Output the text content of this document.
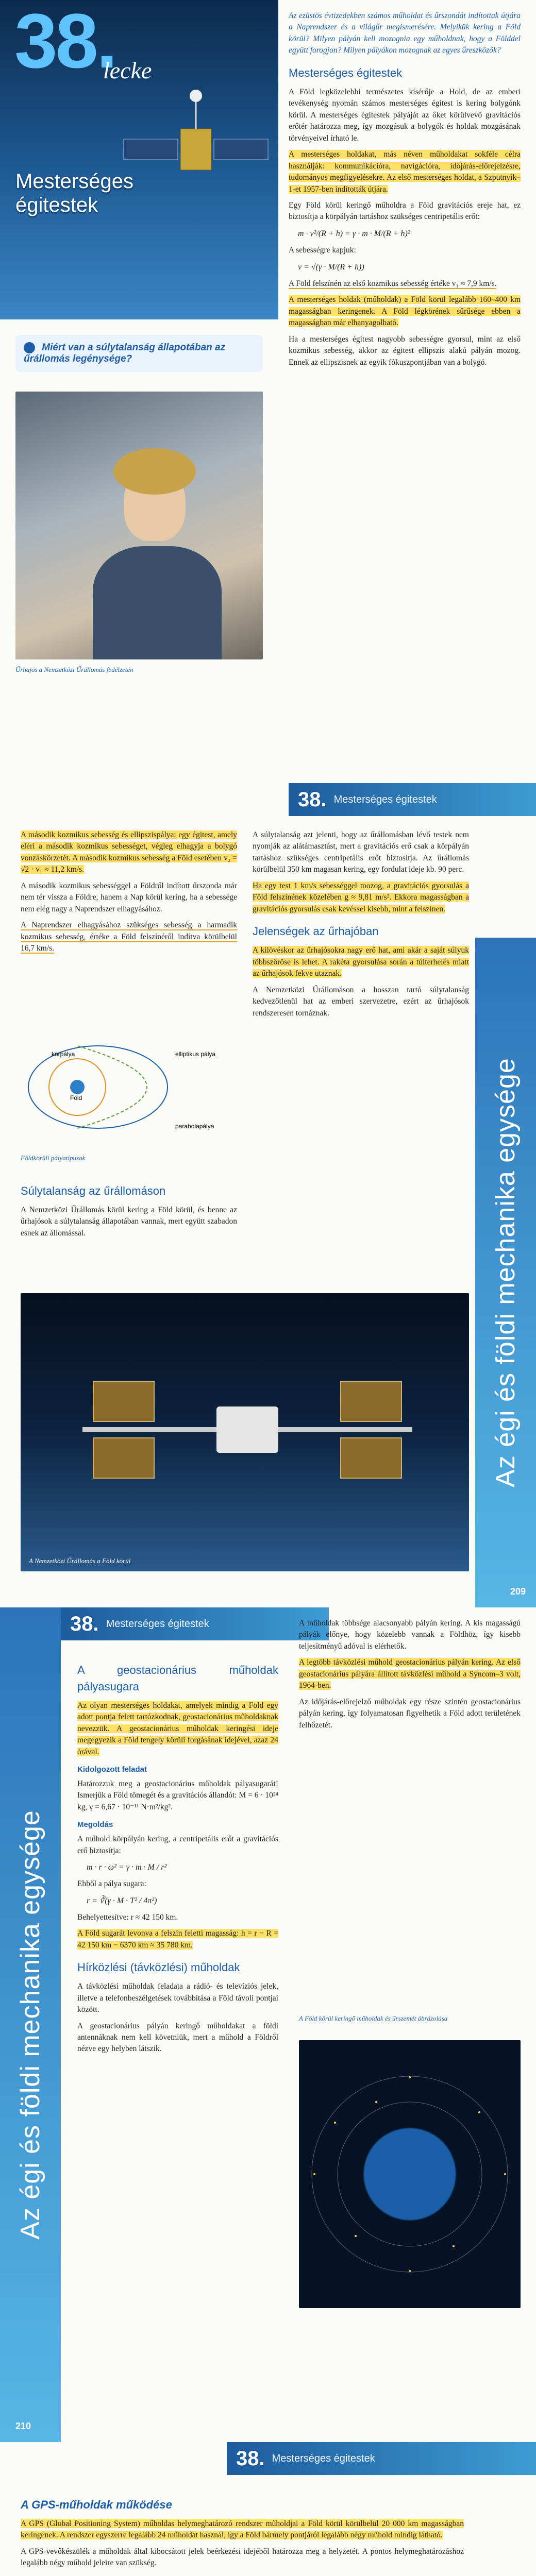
38.
lecke
Mesterséges
égitestek
Miért van a súlytalanság állapotában az űrállomás legénysége?
Űrhajós a Nemzetközi Űrállomás fedélzetén

Az ezüstös évtizedekben számos műholdat és űrszondát indítottak útjára a Naprendszer és a világűr megismerésére. Melyikük kering a Föld körül? Milyen pályán kell mozognia egy műholdnak, hogy a Földdel együtt forogjon? Milyen pályákon mozognak az egyes űreszközök?

Mesterséges égitestek

A Föld legközelebbi természetes kísérője a Hold, de az emberi tevékenység nyomán számos mesterséges égitest is kering bolygónk körül. A mesterséges égitestek pályáját az őket körülvevő gravitációs erőtér határozza meg, így mozgásuk a bolygók és holdak mozgásának törvényeivel írható le.

A mesterséges holdakat, más néven műholdakat sokféle célra használják: kommunikációra, navigációra, időjárás-előrejelzésre, tudományos megfigyelésekre. Az első mesterséges holdat, a Szputnyik–1-et 1957-ben indították útjára.

Egy Föld körül keringő műholdra a Föld gravitációs ereje hat, ez biztosítja a körpályán tartáshoz szükséges centripetális erőt:

m · v²/(R + h) = γ · m · M/(R + h)²

A sebességre kapjuk:

v = √(γ · M/(R + h))

A Föld felszínén az első kozmikus sebesség értéke v₁ ≈ 7,9 km/s.

A mesterséges holdak (műholdak) a Föld körül legalább 160–400 km magasságban keringenek. A Föld légkörének sűrűsége ebben a magasságban már elhanyagolható.

Ha a mesterséges égitest nagyobb sebességre gyorsul, mint az első kozmikus sebesség, akkor az égitest ellipszis alakú pályán mozog. Ennek az ellipszisnek az egyik fókuszpontjában van a bolygó.

38. Mesterséges égitestek
Az égi és földi mechanika egysége
209

A második kozmikus sebesség és ellipszispálya: egy égitest, amely eléri a második kozmikus sebességet, végleg elhagyja a bolygó vonzáskörzetét. A második kozmikus sebesség a Föld esetében v₂ = √2 · v₁ ≈ 11,2 km/s.

A második kozmikus sebességgel a Földről indított űrszonda már nem tér vissza a Földre, hanem a Nap körül kering, ha a sebessége nem elég nagy a Naprendszer elhagyásához.

A Naprendszer elhagyásához szükséges sebesség a harmadik kozmikus sebesség, értéke a Föld felszínéről indítva körülbelül 16,7 km/s.

Föld
elliptikus pálya
körpálya
parabolapálya
Földkörüli pályatípusok
Súlytalanság az űrállomáson

A Nemzetközi Űrállomás körül kering a Föld körül, és benne az űrhajósok a súlytalanság állapotában vannak, mert együtt szabadon esnek az állomással.

A súlytalanság azt jelenti, hogy az űrállomásban lévő testek nem nyomják az alátámasztást, mert a gravitációs erő csak a körpályán tartáshoz szükséges centripetális erőt biztosítja. Az űrállomás körülbelül 350 km magasan kering, egy fordulat ideje kb. 90 perc.

Ha egy test 1 km/s sebességgel mozog, a gravitációs gyorsulás a Föld felszínének közelében g ≈ 9,81 m/s². Ekkora magasságban a gravitációs gyorsulás csak kevéssel kisebb, mint a felszínen.

Jelenségek az űrhajóban

A kilövéskor az űrhajósokra nagy erő hat, ami akár a saját súlyuk többszöröse is lehet. A rakéta gyorsulása során a túlterhelés miatt az űrhajósok fekve utaznak.

A Nemzetközi Űrállomáson a hosszan tartó súlytalanság kedvezőtlenül hat az emberi szervezetre, ezért az űrhajósok rendszeresen tornáznak.

A Nemzetközi Űrállomás a Föld körül
38. Mesterséges égitestek
Az égi és földi mechanika egysége
210
A geostacionárius műholdak pályasugara

Az olyan mesterséges holdakat, amelyek mindig a Föld egy adott pontja felett tartózkodnak, geostacionárius műholdaknak nevezzük. A geostacionárius műholdak keringési ideje megegyezik a Föld tengely körüli forgásának idejével, azaz 24 órával.

Kidolgozott feladat

Határozzuk meg a geostacionárius műholdak pályasugarát! Ismerjük a Föld tömegét és a gravitációs állandót: M = 6 · 10²⁴ kg, γ = 6,67 · 10⁻¹¹ N·m²/kg².

Megoldás

A műhold körpályán kering, a centripetális erőt a gravitációs erő biztosítja:

m · r · ω² = γ · m · M / r²

Ebből a pálya sugara:

r = ∛(γ · M · T² / 4π²)

Behelyettesítve: r ≈ 42 150 km.

A Föld sugarát levonva a felszín feletti magasság: h = r − R = 42 150 km − 6370 km ≈ 35 780 km.

Hírközlési (távközlési) műholdak

A távközlési műholdak feladata a rádió- és televíziós jelek, illetve a telefonbeszélgetések továbbítása a Föld távoli pontjai között.

A geostacionárius pályán keringő műholdakat a földi antennáknak nem kell követniük, mert a műhold a Földről nézve egy helyben látszik.

A műholdak többsége alacsonyabb pályán kering. A kis magasságú pályák előnye, hogy közelebb vannak a Földhöz, így kisebb teljesítményű adóval is elérhetők.

A legtöbb távközlési műhold geostacionárius pályán kering. Az első geostacionárius pályára állított távközlési műhold a Syncom–3 volt, 1964-ben.

Az időjárás-előrejelző műholdak egy része szintén geostacionárius pályán kering, így folyamatosan figyelhetik a Föld adott területének felhőzetét.

A Föld körül keringő műholdak és űrszemét ábrázolása
38. Mesterséges égitestek
A GPS-műholdak működése

A GPS (Global Positioning System) műholdas helymeghatározó rendszer műholdjai a Föld körül körülbelül 20 000 km magasságban keringenek. A rendszer egyszerre legalább 24 műholdat használ, így a Föld bármely pontjáról legalább négy műhold mindig látható.

A GPS-vevőkészülék a műholdak által kibocsátott jelek beérkezési idejéből határozza meg a helyzetét. A pontos helymeghatározáshoz legalább négy műhold jeleire van szükség.
